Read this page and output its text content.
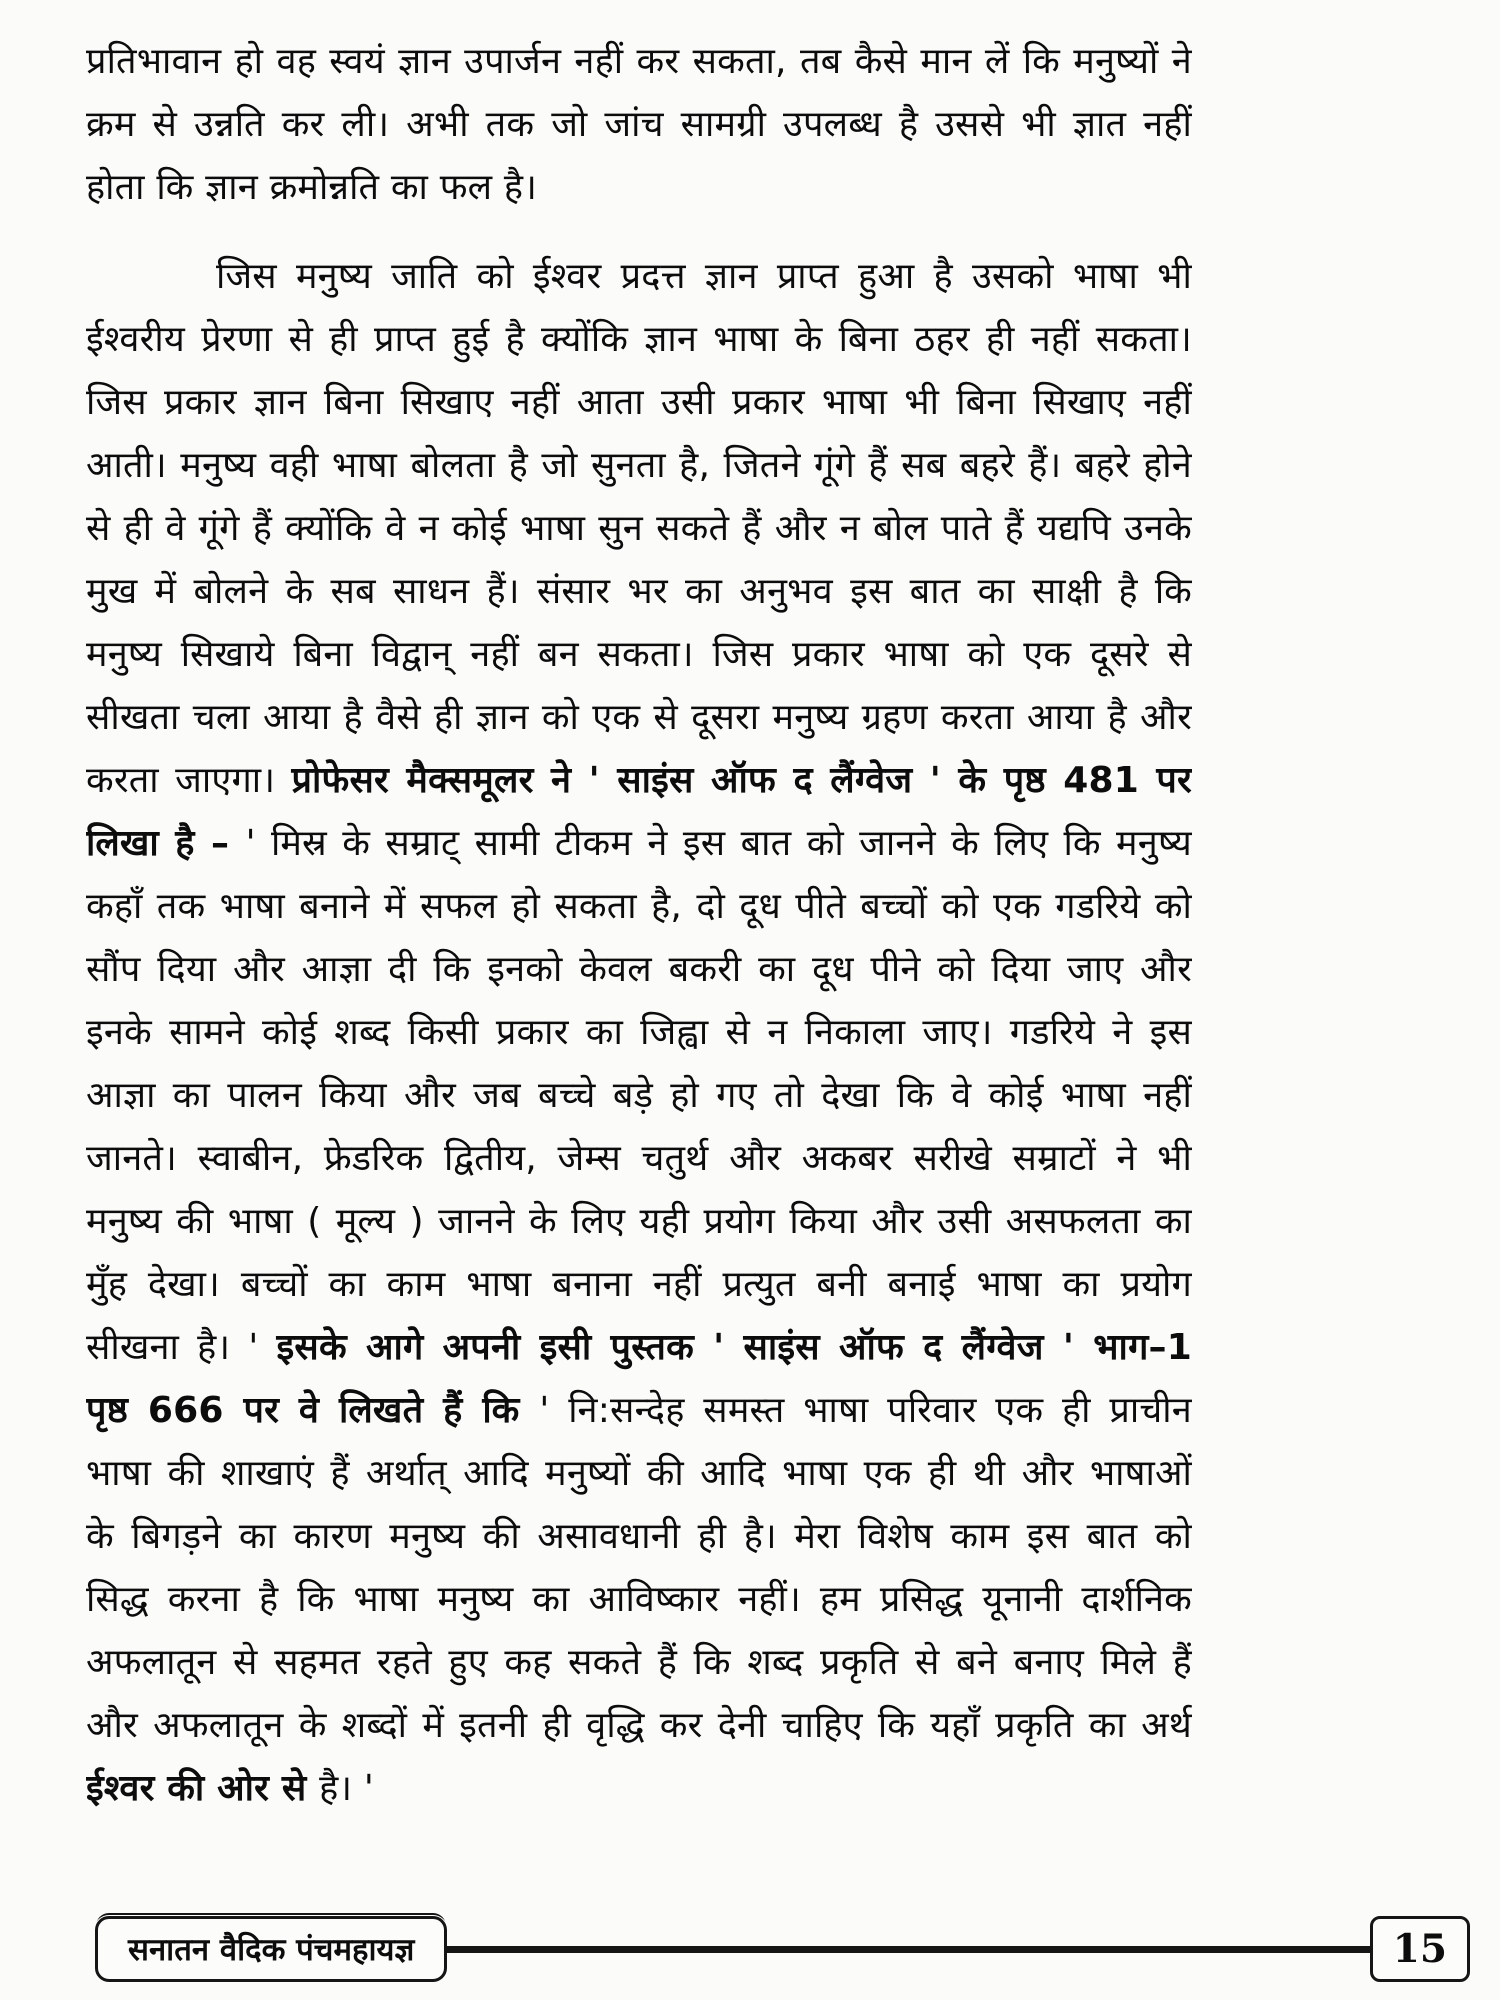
प्रतिभावान हो वह स्वयं ज्ञान उपार्जन नहीं कर सकता, तब कैसे मान लें कि मनुष्यों ने
क्रम से उन्नति कर ली। अभी तक जो जांच सामग्री उपलब्ध है उससे भी ज्ञात नहीं
होता कि ज्ञान क्रमोन्नति का फल है।
जिस मनुष्य जाति को ईश्वर प्रदत्त ज्ञान प्राप्त हुआ है उसको भाषा भी
ईश्वरीय प्रेरणा से ही प्राप्त हुई है क्योंकि ज्ञान भाषा के बिना ठहर ही नहीं सकता।
जिस प्रकार ज्ञान बिना सिखाए नहीं आता उसी प्रकार भाषा भी बिना सिखाए नहीं
आती। मनुष्य वही भाषा बोलता है जो सुनता है, जितने गूंगे हैं सब बहरे हैं। बहरे होने
से ही वे गूंगे हैं क्योंकि वे न कोई भाषा सुन सकते हैं और न बोल पाते हैं यद्यपि उनके
मुख में बोलने के सब साधन हैं। संसार भर का अनुभव इस बात का साक्षी है कि
मनुष्य सिखाये बिना विद्वान् नहीं बन सकता। जिस प्रकार भाषा को एक दूसरे से
सीखता चला आया है वैसे ही ज्ञान को एक से दूसरा मनुष्य ग्रहण करता आया है और
करता जाएगा। प्रोफेसर मैक्समूलर ने ' साइंस ऑफ द लैंग्वेज ' के पृष्ठ 481 पर
लिखा है – ' मिस्र के सम्राट् सामी टीकम ने इस बात को जानने के लिए कि मनुष्य
कहाँ तक भाषा बनाने में सफल हो सकता है, दो दूध पीते बच्चों को एक गडरिये को
सौंप दिया और आज्ञा दी कि इनको केवल बकरी का दूध पीने को दिया जाए और
इनके सामने कोई शब्द किसी प्रकार का जिह्वा से न निकाला जाए। गडरिये ने इस
आज्ञा का पालन किया और जब बच्चे बड़े हो गए तो देखा कि वे कोई भाषा नहीं
जानते। स्वाबीन, फ्रेडरिक द्वितीय, जेम्स चतुर्थ और अकबर सरीखे सम्राटों ने भी
मनुष्य की भाषा ( मूल्य ) जानने के लिए यही प्रयोग किया और उसी असफलता का
मुँह देखा। बच्चों का काम भाषा बनाना नहीं प्रत्युत बनी बनाई भाषा का प्रयोग
सीखना है। ' इसके आगे अपनी इसी पुस्तक ' साइंस ऑफ द लैंग्वेज ' भाग–1
पृष्ठ 666 पर वे लिखते हैं कि ' नि:सन्देह समस्त भाषा परिवार एक ही प्राचीन
भाषा की शाखाएं हैं अर्थात् आदि मनुष्यों की आदि भाषा एक ही थी और भाषाओं
के बिगड़ने का कारण मनुष्य की असावधानी ही है। मेरा विशेष काम इस बात को
सिद्ध करना है कि भाषा मनुष्य का आविष्कार नहीं। हम प्रसिद्ध यूनानी दार्शनिक
अफलातून से सहमत रहते हुए कह सकते हैं कि शब्द प्रकृति से बने बनाए मिले हैं
और अफलातून के शब्दों में इतनी ही वृद्धि कर देनी चाहिए कि यहाँ प्रकृति का अर्थ
ईश्वर की ओर से है। '
सनातन वैदिक पंचमहायज्ञ	15
